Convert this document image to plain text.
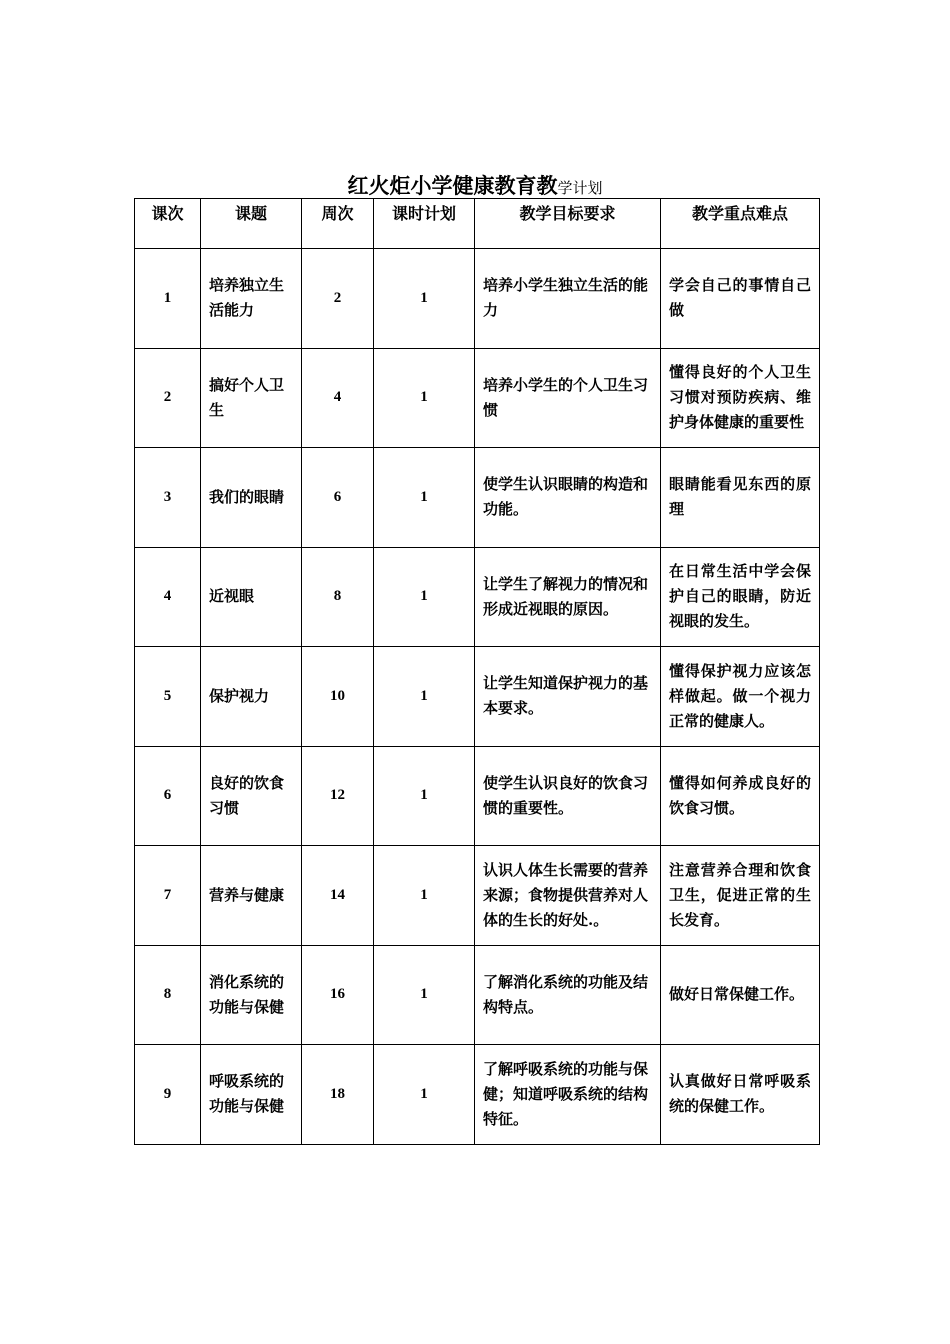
红火炬小学健康教育教学计划
课次	课题	周次	课时计划	教学目标要求	教学重点难点
1	培养独立生活能力	2	1	培养小学生独立生活的能力	学会自己的事情自己做
2	搞好个人卫生	4	1	培养小学生的个人卫生习惯	懂得良好的个人卫生习惯对预防疾病、维护身体健康的重要性
3	我们的眼睛	6	1	使学生认识眼睛的构造和功能。	眼睛能看见东西的原理
4	近视眼	8	1	让学生了解视力的情况和形成近视眼的原因。	在日常生活中学会保护自己的眼睛，防近视眼的发生。
5	保护视力	10	1	让学生知道保护视力的基本要求。	懂得保护视力应该怎样做起。做一个视力正常的健康人。
6	良好的饮食习惯	12	1	使学生认识良好的饮食习惯的重要性。	懂得如何养成良好的饮食习惯。
7	营养与健康	14	1	认识人体生长需要的营养来源；食物提供营养对人体的生长的好处.。	注意营养合理和饮食卫生，促进正常的生长发育。
8	消化系统的功能与保健	16	1	了解消化系统的功能及结构特点。	做好日常保健工作。
9	呼吸系统的功能与保健	18	1	了解呼吸系统的功能与保健；知道呼吸系统的结构特征。	认真做好日常呼吸系统的保健工作。
